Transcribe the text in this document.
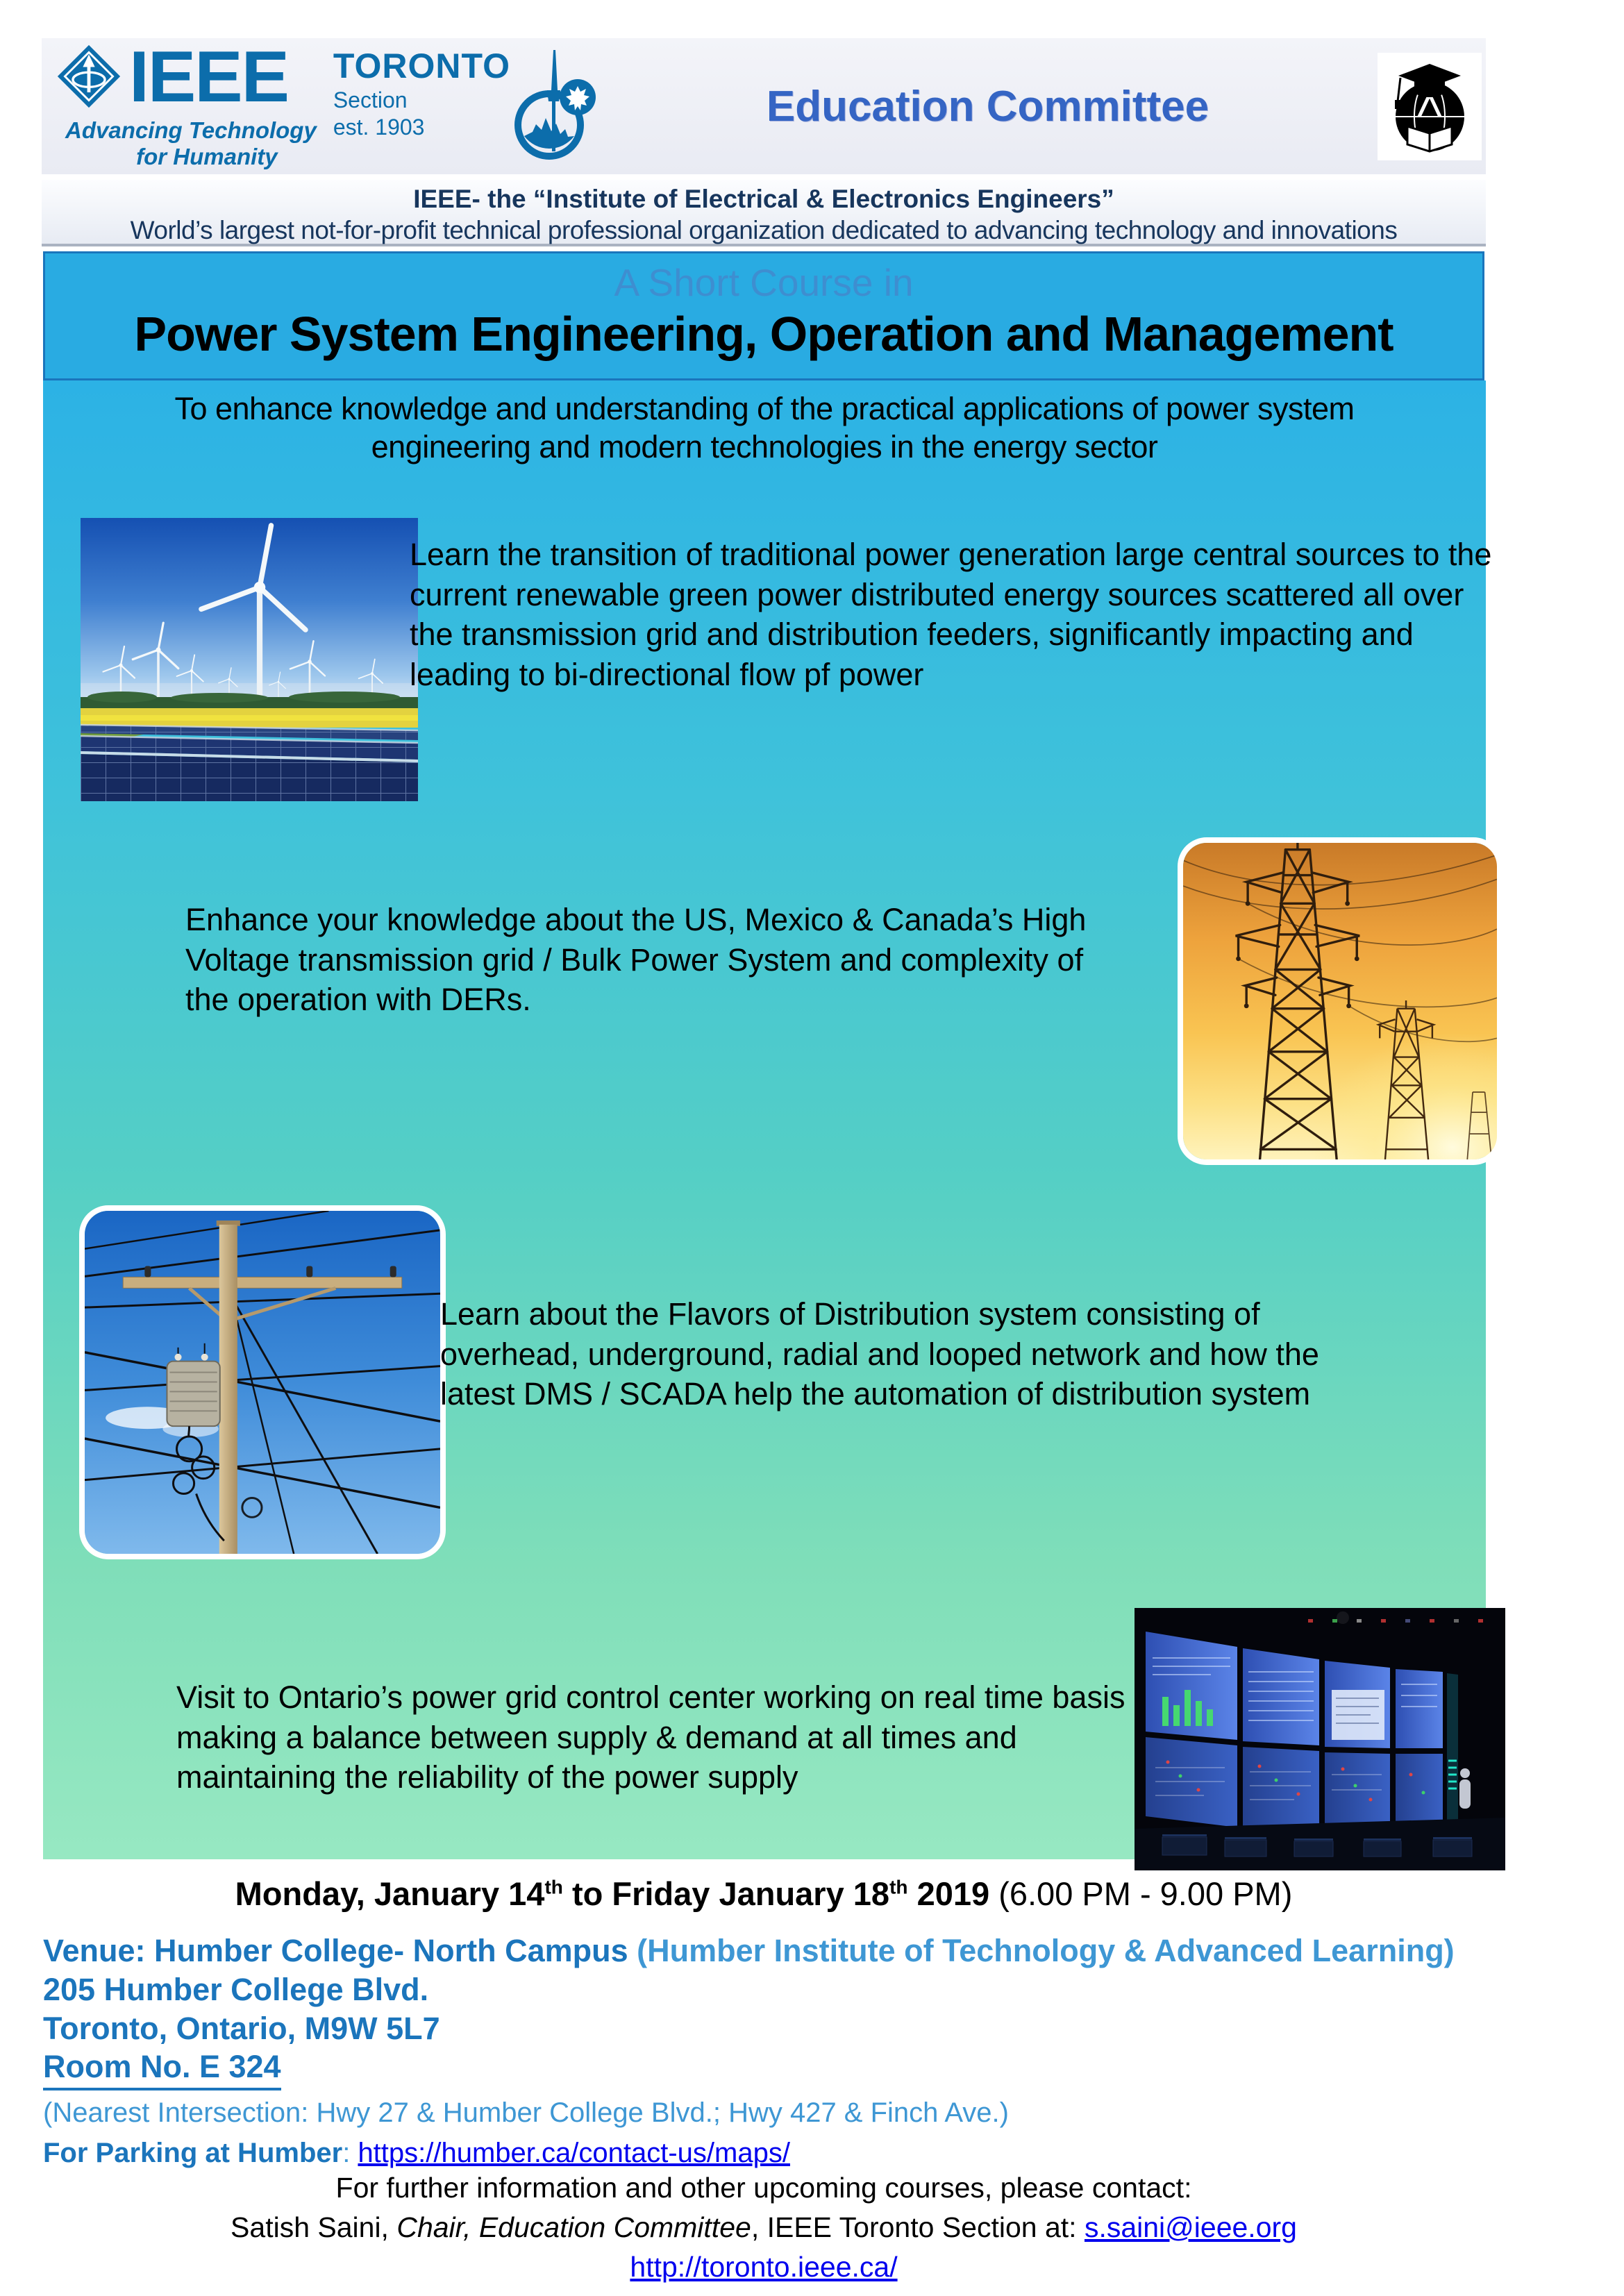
IEEE
Advancing Technology
for Humanity
TORONTO
Section
est. 1903	Education Committee
IEEE- the “Institute of Electrical & Electronics Engineers”
World’s largest not-for-profit technical professional organization dedicated to advancing technology and innovations
A Short Course in
Power System Engineering, Operation and Management
To enhance knowledge and understanding of the practical applications of power system engineering and modern technologies in the energy sector

Learn the transition of traditional power generation large central sources to the current renewable green power distributed energy sources scattered all over the transmission grid and distribution feeders, significantly impacting and leading to bi-directional flow pf power

Enhance your knowledge about the US, Mexico & Canada’s High Voltage transmission grid / Bulk Power System and complexity of the operation with DERs.

Learn about the Flavors of Distribution system consisting of overhead, underground, radial and looped network and how the latest DMS / SCADA help the automation of distribution system

Visit to Ontario’s power grid control center working on real time basis making a balance between supply & demand at all times and maintaining the reliability of the power supply

Monday, January 14th to Friday January 18th 2019 (6.00 PM - 9.00 PM)
Venue: Humber College- North Campus (Humber Institute of Technology & Advanced Learning)
205 Humber College Blvd.
Toronto, Ontario, M9W 5L7
Room No. E 324
(Nearest Intersection: Hwy 27 & Humber College Blvd.; Hwy 427 & Finch Ave.)
For Parking at Humber: https://humber.ca/contact-us/maps/
For further information and other upcoming courses, please contact:
Satish Saini, Chair, Education Committee, IEEE Toronto Section at: s.saini@ieee.org
http://toronto.ieee.ca/
